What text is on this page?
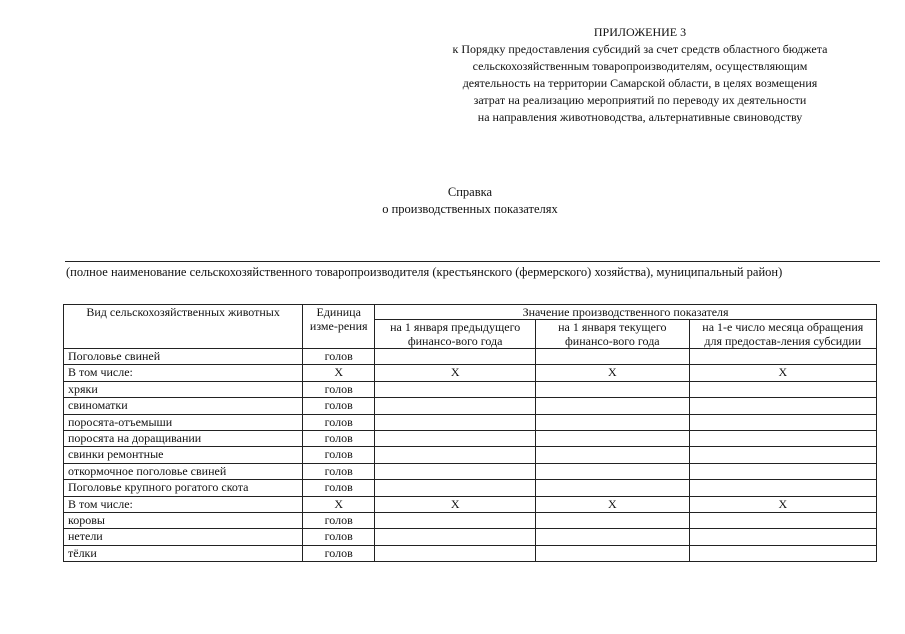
ПРИЛОЖЕНИЕ 3
к Порядку предоставления субсидий за счет средств областного бюджета
сельскохозяйственным товаропроизводителям, осуществляющим
деятельность на территории Самарской области, в целях возмещения
затрат на реализацию мероприятий по переводу их деятельности
на направления животноводства, альтернативные свиноводству
Справка
о производственных показателях
(полное наименование сельскохозяйственного товаропроизводителя (крестьянского (фермерского) хозяйства), муниципальный район)
Вид сельскохозяйственных животных	Единица изме-рения	Значение производственного показателя		
		на 1 января предыдущего финансо-вого года	на 1 января текущего финансо-вого года	на 1-е число месяца обращения для предостав-ления субсидии
Поголовье свиней	голов			
В том числе:	X	X	X	X
хряки	голов			
свиноматки	голов			
поросята-отъемыши	голов			
поросята на доращивании	голов			
свинки ремонтные	голов			
откормочное поголовье свиней	голов			
Поголовье крупного рогатого скота	голов			
В том числе:	X	X	X	X
коровы	голов			
нетели	голов			
тёлки	голов			
